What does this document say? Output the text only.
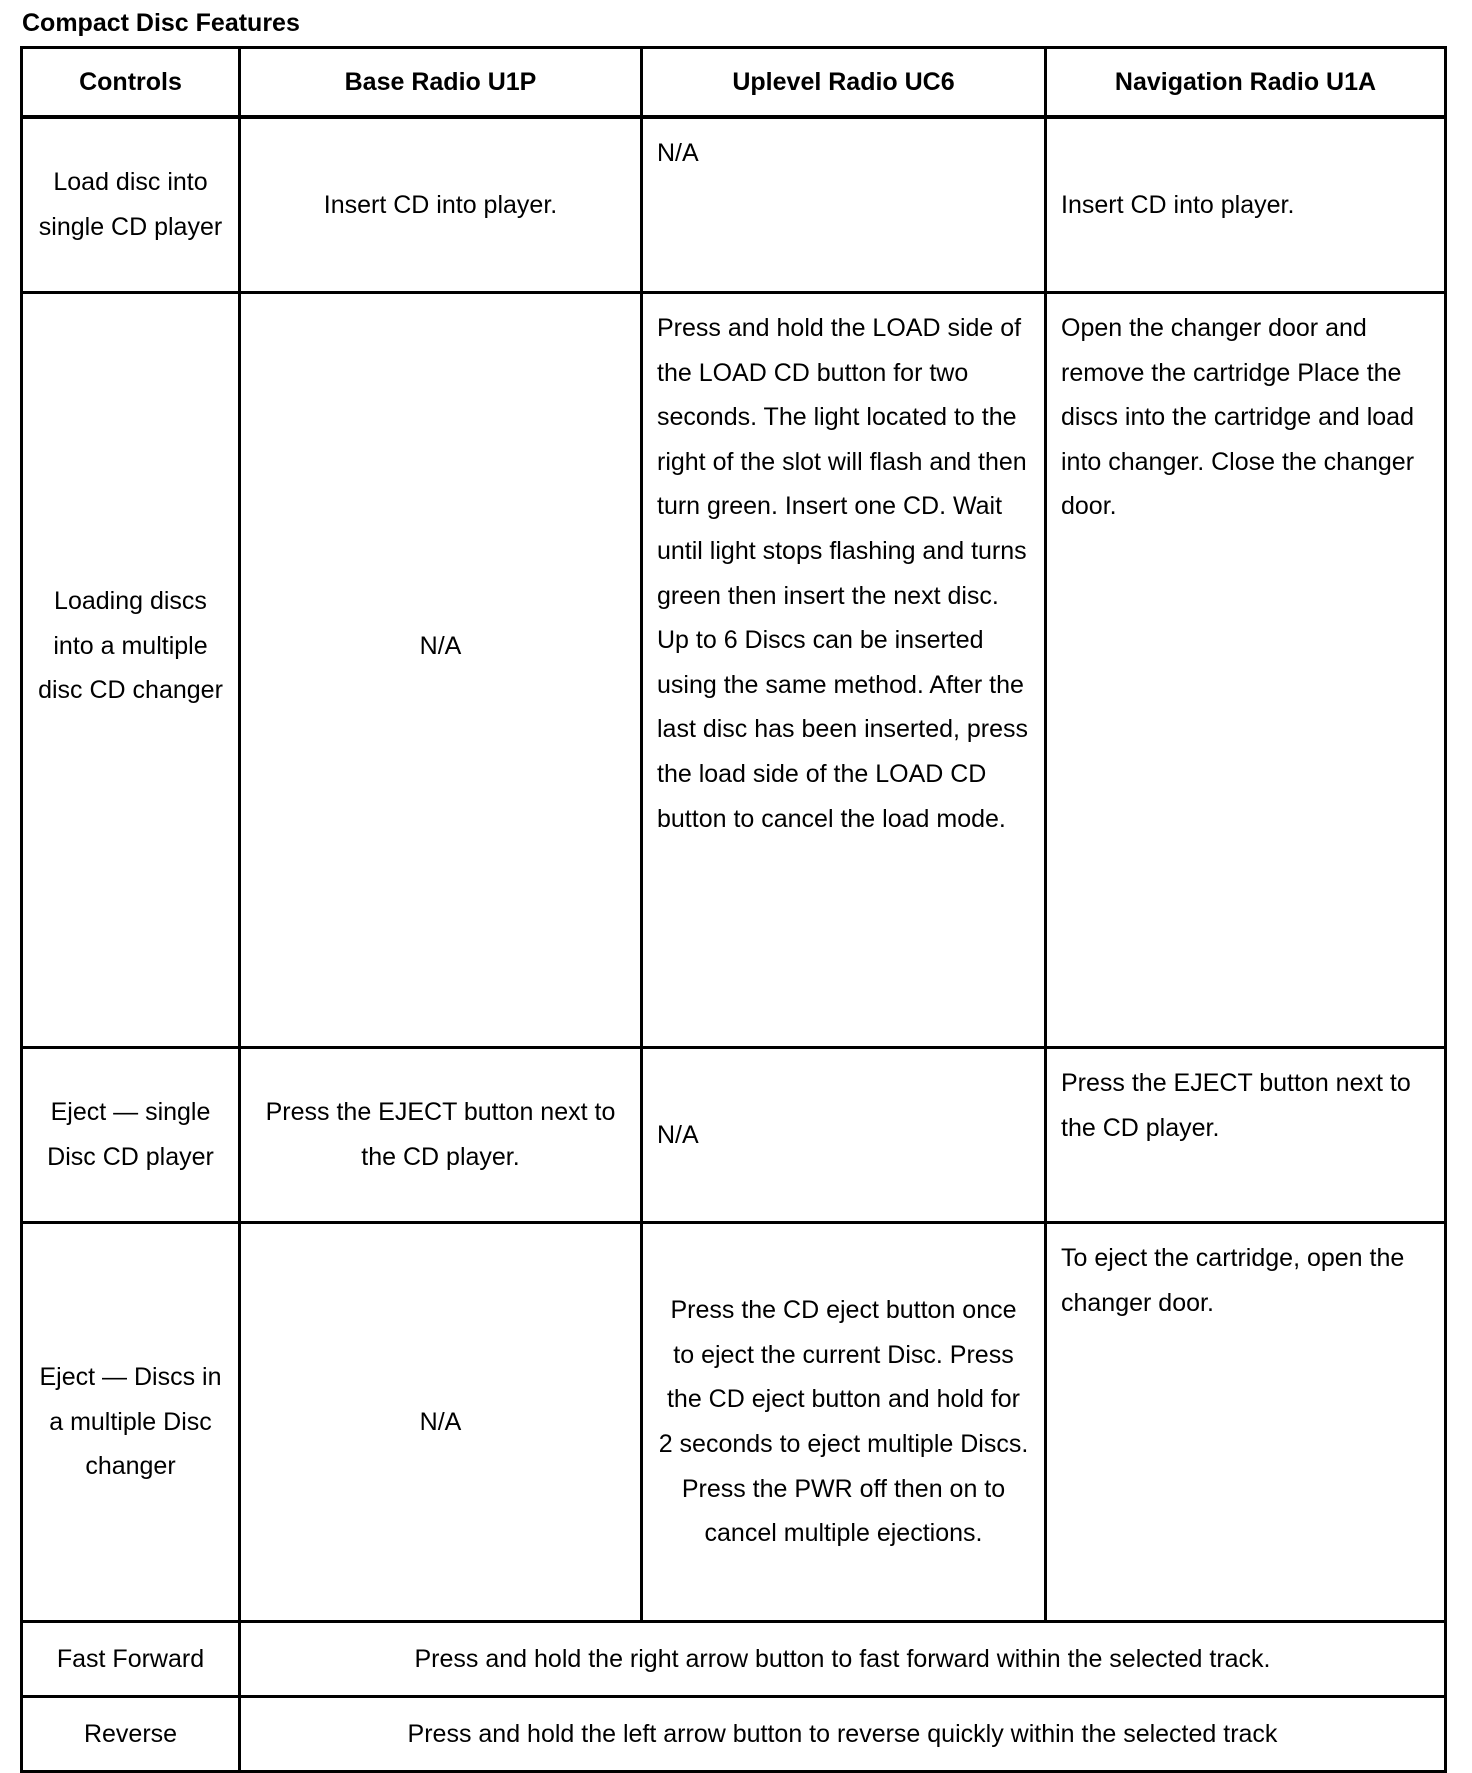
Compact Disc Features
Controls	Base Radio U1P	Uplevel Radio UC6	Navigation Radio U1A
Load disc into single CD player	Insert CD into player.	N/A	Insert CD into player.

Loading discs into a multiple disc CD changer	N/A	Press and hold the LOAD side of the LOAD CD button for two seconds. The light located to the right of the slot will flash and then turn green. Insert one CD. Wait until light stops flashing and turns green then insert the next disc. Up to 6 Discs can be inserted using the same method. After the last disc has been inserted, press the load side of the LOAD CD button to cancel the load mode.	Open the changer door and remove the cartridge Place the discs into the cartridge and load into changer. Close the changer door.
Eject — single Disc CD player	Press the EJECT button next to the CD player.	N/A	Press the EJECT button next to the CD player.
Eject — Discs in a multiple Disc changer	N/A	Press the CD eject button once to eject the current Disc. Press the CD eject button and hold for 2 seconds to eject multiple Discs. Press the PWR off then on to cancel multiple ejections.	To eject the cartridge, open the changer door.
Fast Forward	Press and hold the right arrow button to fast forward within the selected track.		
Reverse	Press and hold the left arrow button to reverse quickly within the selected track		
